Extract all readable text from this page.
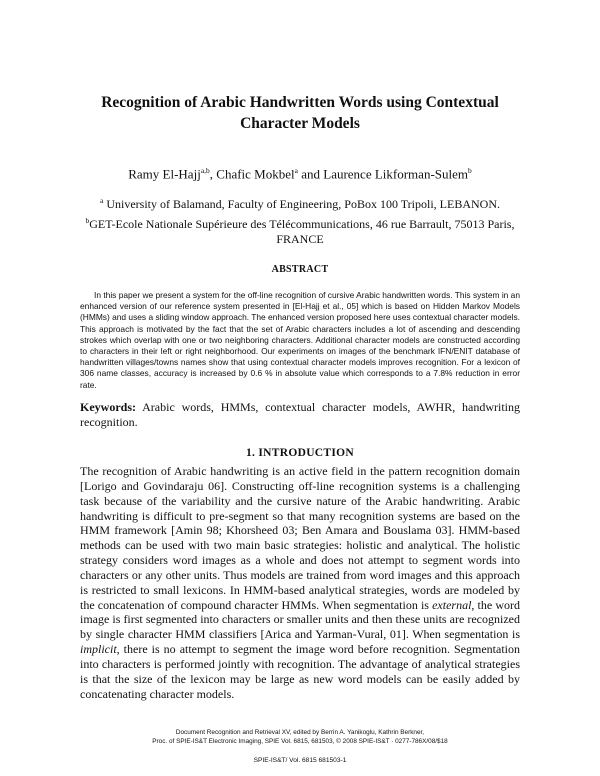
Recognition of Arabic Handwritten Words using Contextual
Character Models
Ramy El-Hajj$^{a,b}$, Chafic Mokbel$^a$ and Laurence Likforman-Sulem$^b$
$^a$ University of Balamand, Faculty of Engineering, PoBox 100 Tripoli, LEBANON.
$^b$GET-Ecole Nationale Supérieure des Télécommunications, 46 rue Barrault, 75013 Paris, FRANCE
ABSTRACT

In this paper we present a system for the off-line recognition of cursive Arabic handwritten words. This system in an enhanced version of our reference system presented in [El-Hajj et al., 05] which is based on Hidden Markov Models (HMMs) and uses a sliding window approach. The enhanced version proposed here uses contextual character models. This approach is motivated by the fact that the set of Arabic characters includes a lot of ascending and descending strokes which overlap with one or two neighboring characters. Additional character models are constructed according to characters in their left or right neighborhood. Our experiments on images of the benchmark IFN/ENIT database of handwritten villages/towns names show that using contextual character models improves recognition. For a lexicon of 306 name classes, accuracy is increased by 0.6 % in absolute value which corresponds to a 7.8% reduction in error rate.

Keywords: Arabic words, HMMs, contextual character models, AWHR, handwriting recognition.

1. INTRODUCTION

The recognition of Arabic handwriting is an active field in the pattern recognition domain [Lorigo and Govindaraju 06]. Constructing off-line recognition systems is a challenging task because of the variability and the cursive nature of the Arabic handwriting. Arabic handwriting is difficult to pre-segment so that many recognition systems are based on the HMM framework [Amin 98; Khorsheed 03; Ben Amara and Bouslama 03]. HMM-based methods can be used with two main basic strategies: holistic and analytical. The holistic strategy considers word images as a whole and does not attempt to segment words into characters or any other units. Thus models are trained from word images and this approach is restricted to small lexicons. In HMM-based analytical strategies, words are modeled by the concatenation of compound character HMMs. When segmentation is external, the word image is first segmented into characters or smaller units and then these units are recognized by single character HMM classifiers [Arica and Yarman-Vural, 01]. When segmentation is implicit, there is no attempt to segment the image word before recognition. Segmentation into characters is performed jointly with recognition. The advantage of analytical strategies is that the size of the lexicon may be large as new word models can be easily added by concatenating character models.

Document Recognition and Retrieval XV, edited by Berrin A. Yanikoglu, Kathrin Berkner,
Proc. of SPIE-IS&T Electronic Imaging, SPIE Vol. 6815, 681503, © 2008 SPIE-IS&T · 0277-786X/08/$18
SPIE-IS&T/ Vol. 6815 681503-1
